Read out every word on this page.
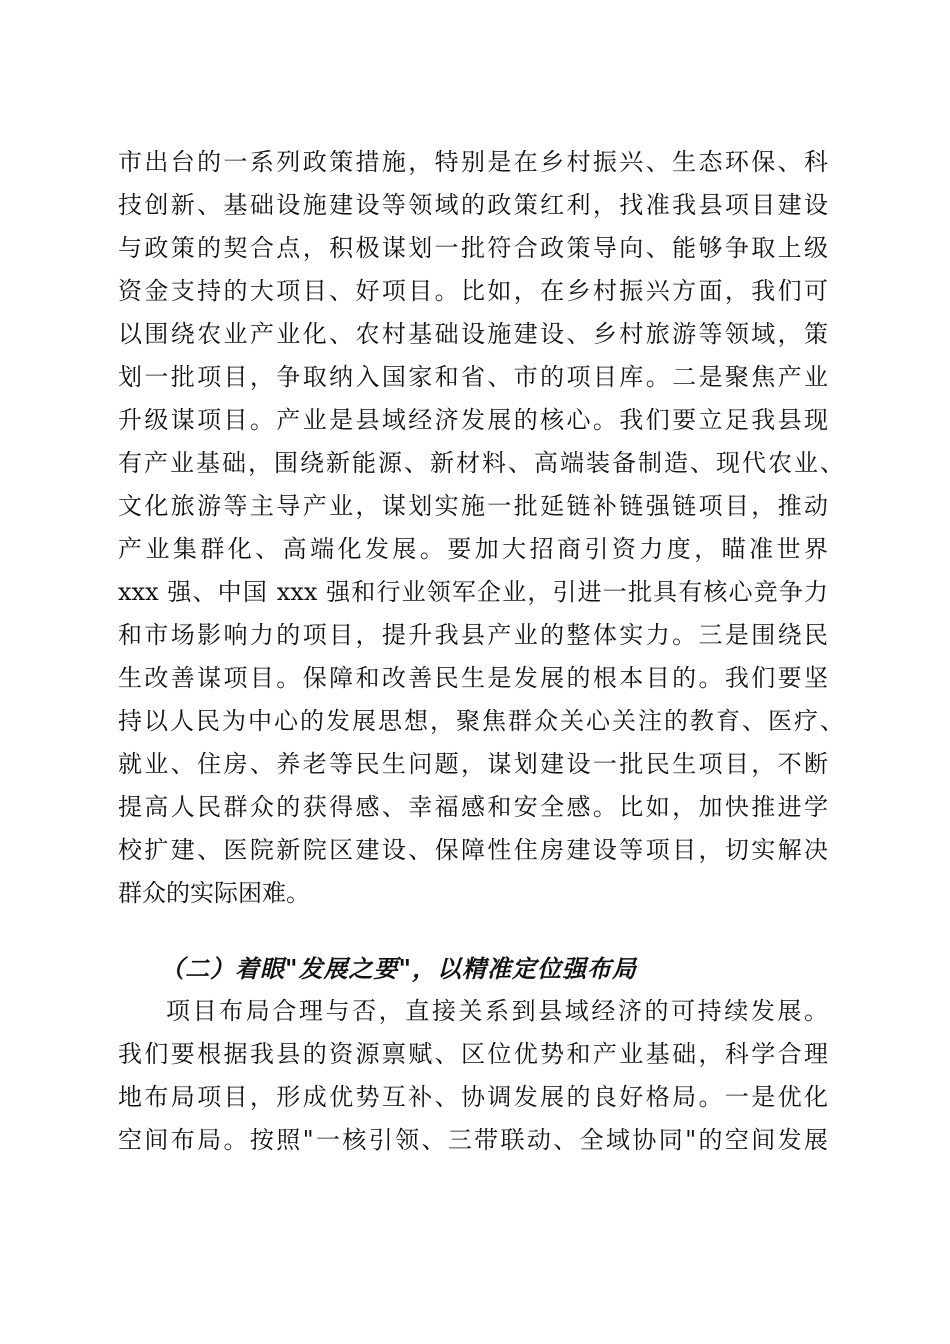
市出台的一系列政策措施，特别是在乡村振兴、生态环保、科
技创新、基础设施建设等领域的政策红利，找准我县项目建设
与政策的契合点，积极谋划一批符合政策导向、能够争取上级
资金支持的大项目、好项目。比如，在乡村振兴方面，我们可
以围绕农业产业化、农村基础设施建设、乡村旅游等领域，策
划一批项目，争取纳入国家和省、市的项目库。二是聚焦产业
升级谋项目。产业是县域经济发展的核心。我们要立足我县现
有产业基础，围绕新能源、新材料、高端装备制造、现代农业、
文化旅游等主导产业，谋划实施一批延链补链强链项目，推动
产业集群化、高端化发展。要加大招商引资力度，瞄准世界
xxx 强、中国 xxx 强和行业领军企业，引进一批具有核心竞争力
和市场影响力的项目，提升我县产业的整体实力。三是围绕民
生改善谋项目。保障和改善民生是发展的根本目的。我们要坚
持以人民为中心的发展思想，聚焦群众关心关注的教育、医疗、
就业、住房、养老等民生问题，谋划建设一批民生项目，不断
提高人民群众的获得感、幸福感和安全感。比如，加快推进学
校扩建、医院新院区建设、保障性住房建设等项目，切实解决
群众的实际困难。
（二）着眼"发展之要"，以精准定位强布局
项目布局合理与否，直接关系到县域经济的可持续发展。
我们要根据我县的资源禀赋、区位优势和产业基础，科学合理
地布局项目，形成优势互补、协调发展的良好格局。一是优化
空间布局。按照"一核引领、三带联动、全域协同"的空间发展
